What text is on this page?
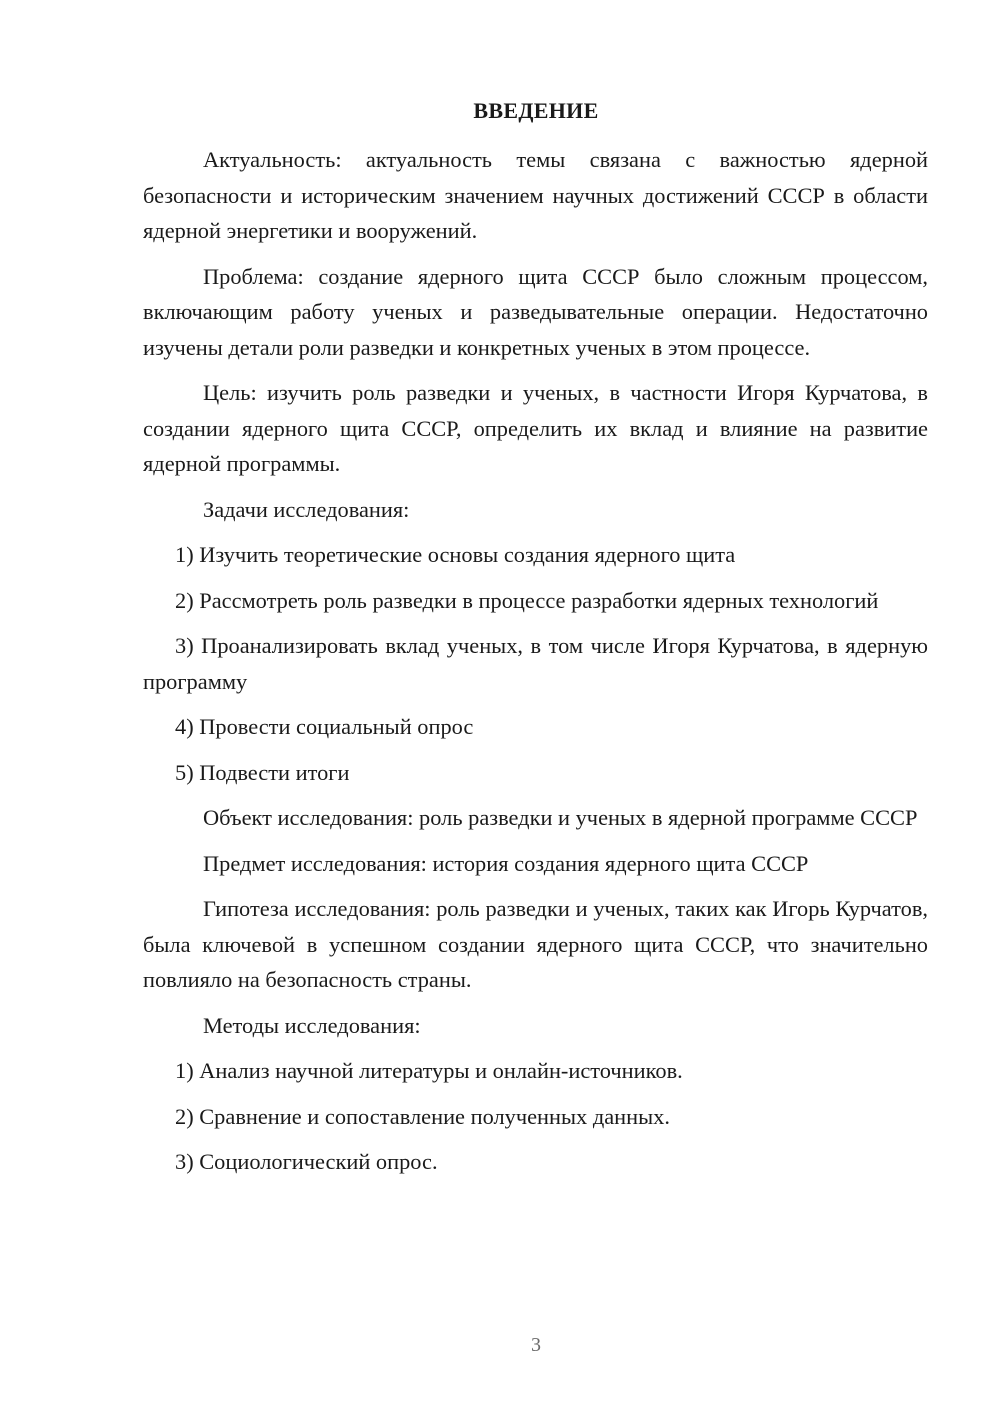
ВВЕДЕНИЕ

Актуальность: актуальность темы связана с важностью ядерной безопасности и историческим значением научных достижений СССР в области ядерной энергетики и вооружений.

Проблема: создание ядерного щита СССР было сложным процессом, включающим работу ученых и разведывательные операции. Недостаточно изучены детали роли разведки и конкретных ученых в этом процессе.

Цель: изучить роль разведки и ученых, в частности Игоря Курчатова, в создании ядерного щита СССР, определить их вклад и влияние на развитие ядерной программы.

Задачи исследования:

1) Изучить теоретические основы создания ядерного щита

2) Рассмотреть роль разведки в процессе разработки ядерных технологий

3) Проанализировать вклад ученых, в том числе Игоря Курчатова, в ядерную программу

4) Провести социальный опрос

5) Подвести итоги

Объект исследования: роль разведки и ученых в ядерной программе СССР

Предмет исследования: история создания ядерного щита СССР

Гипотеза исследования: роль разведки и ученых, таких как Игорь Курчатов, была ключевой в успешном создании ядерного щита СССР, что значительно повлияло на безопасность страны.

Методы исследования:

1) Анализ научной литературы и онлайн-источников.

2) Сравнение и сопоставление полученных данных.

3) Социологический опрос.

3
